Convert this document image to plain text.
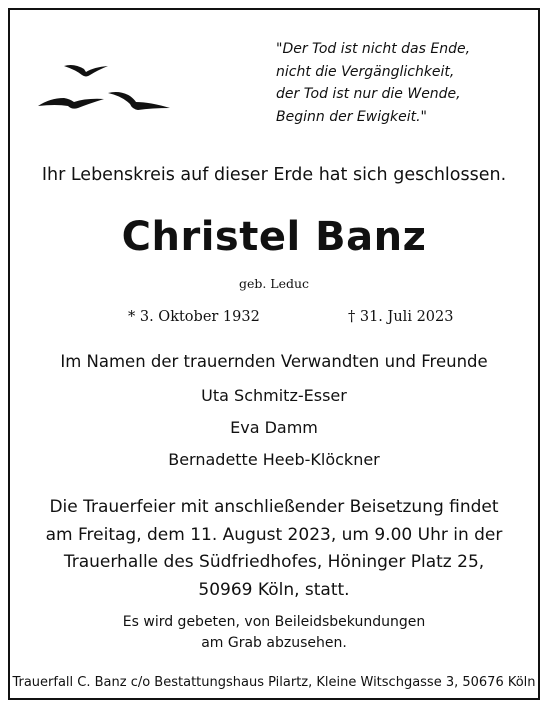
"Der Tod ist nicht das Ende,
nicht die Vergänglichkeit,
der Tod ist nur die Wende,
Beginn der Ewigkeit."
Ihr Lebenskreis auf dieser Erde hat sich geschlossen.
Christel Banz
geb. Leduc
* 3. Oktober 1932	† 31. Juli 2023
Im Namen der trauernden Verwandten und Freunde
Uta Schmitz-Esser
Eva Damm
Bernadette Heeb-Klöckner
Die Trauerfeier mit anschließender Beisetzung findet
am Freitag, dem 11. August 2023, um 9.00 Uhr in der
Trauerhalle des Südfriedhofes, Höninger Platz 25,
50969 Köln, statt.
Es wird gebeten, von Beileidsbekundungen
am Grab abzusehen.
Trauerfall C. Banz c/o Bestattungshaus Pilartz, Kleine Witschgasse 3, 50676 Köln
